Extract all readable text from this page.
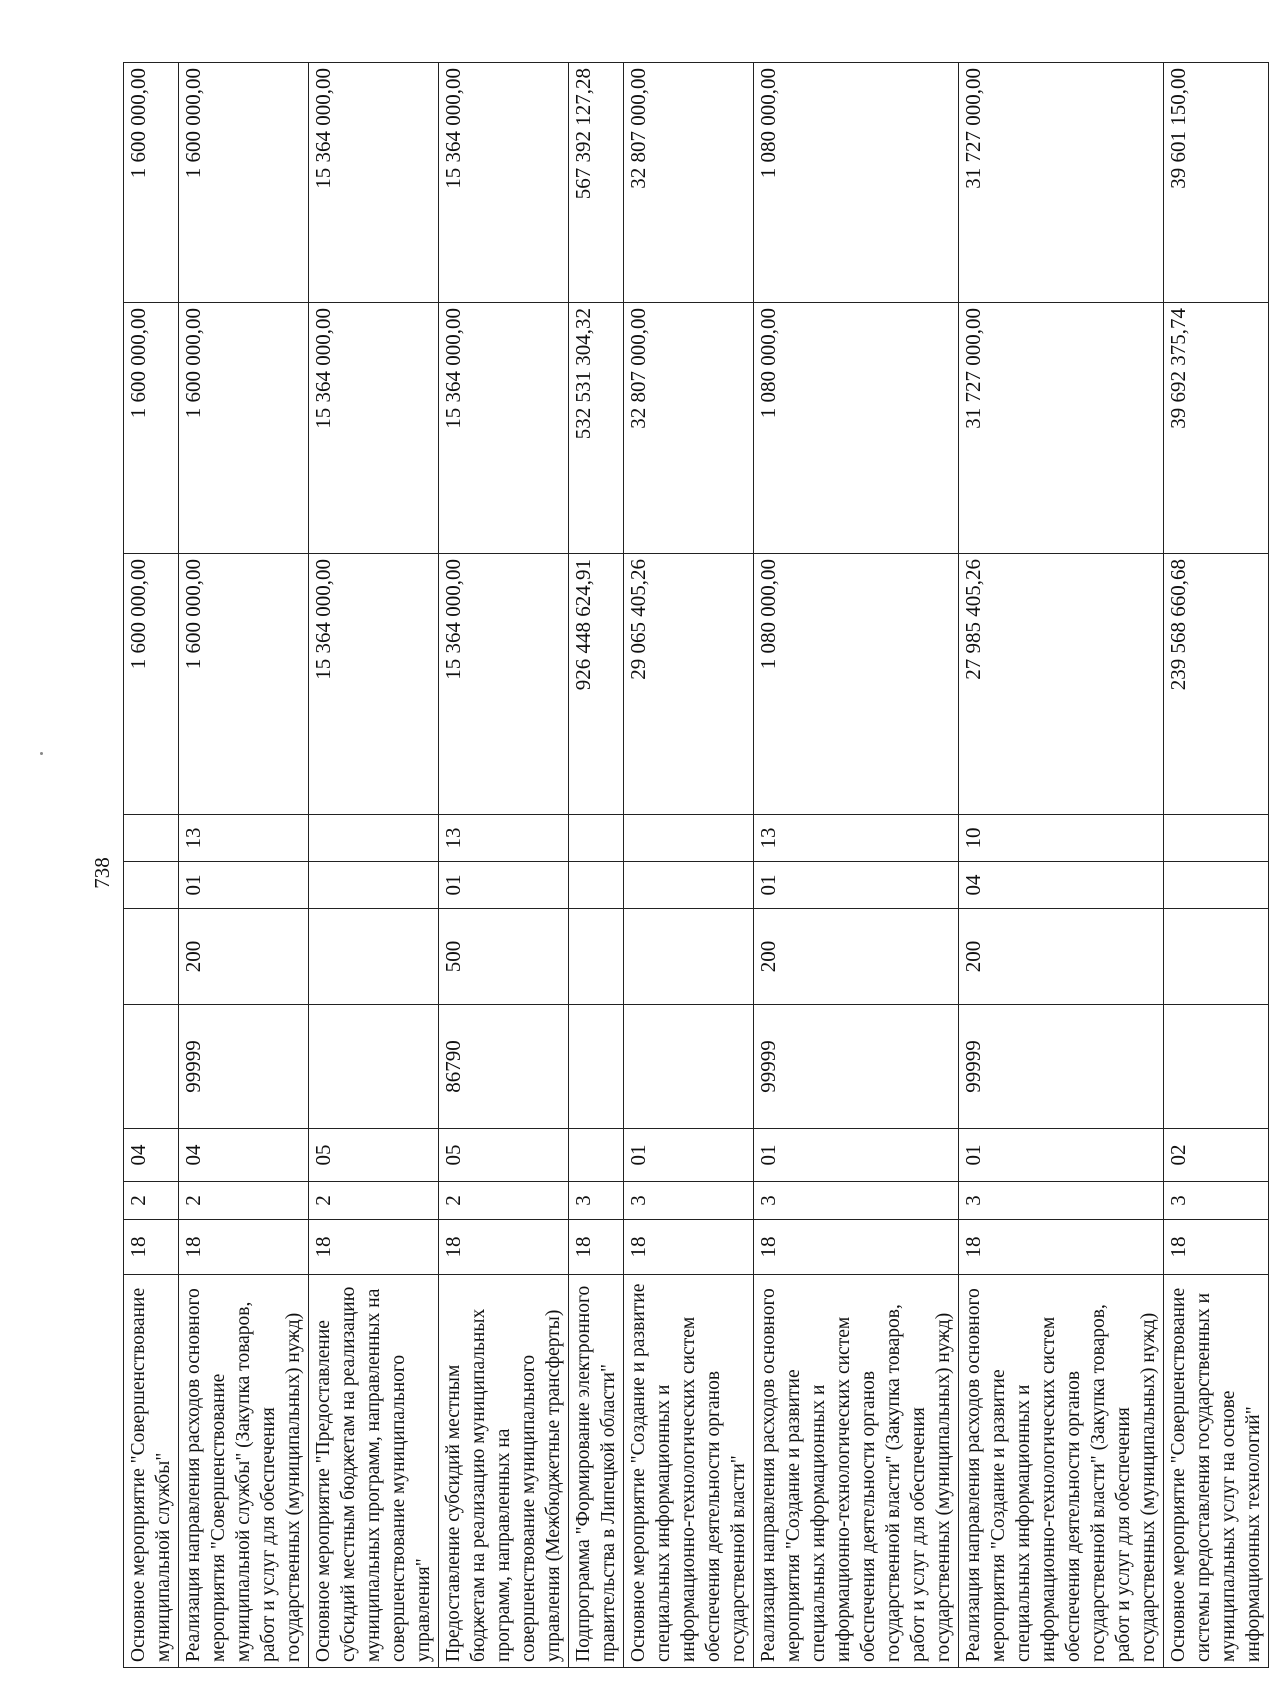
738
Основное мероприятие "Совершенствование муниципальной службы"	18	2	04					1 600 000,00	1 600 000,00	1 600 000,00
Реализация направления расходов основного мероприятия "Совершенствование муниципальной службы" (Закупка товаров, работ и услуг для обеспечения государственных (муниципальных) нужд)	18	2	04	99999	200	01	13	1 600 000,00	1 600 000,00	1 600 000,00
Основное мероприятие "Предоставление субсидий местным бюджетам на реализацию муниципальных программ, направленных на совершенствование муниципального управления"	18	2	05					15 364 000,00	15 364 000,00	15 364 000,00
Предоставление субсидий местным бюджетам на реализацию муниципальных программ, направленных на совершенствование муниципального управления (Межбюджетные трансферты)	18	2	05	86790	500	01	13	15 364 000,00	15 364 000,00	15 364 000,00
Подпрограмма "Формирование электронного правительства в Липецкой области"	18	3						926 448 624,91	532 531 304,32	567 392 127,28
Основное мероприятие "Создание и развитие специальных информационных и информационно-технологических систем обеспечения деятельности органов государственной власти"	18	3	01					29 065 405,26	32 807 000,00	32 807 000,00
Реализация направления расходов основного мероприятия "Создание и развитие специальных информационных и информационно-технологических систем обеспечения деятельности органов государственной власти" (Закупка товаров, работ и услуг для обеспечения государственных (муниципальных) нужд)	18	3	01	99999	200	01	13	1 080 000,00	1 080 000,00	1 080 000,00
Реализация направления расходов основного мероприятия "Создание и развитие специальных информационных и информационно-технологических систем обеспечения деятельности органов государственной власти" (Закупка товаров, работ и услуг для обеспечения государственных (муниципальных) нужд)	18	3	01	99999	200	04	10	27 985 405,26	31 727 000,00	31 727 000,00
Основное мероприятие "Совершенствование системы предоставления государственных и муниципальных услуг на основе информационных технологий"	18	3	02					239 568 660,68	39 692 375,74	39 601 150,00
